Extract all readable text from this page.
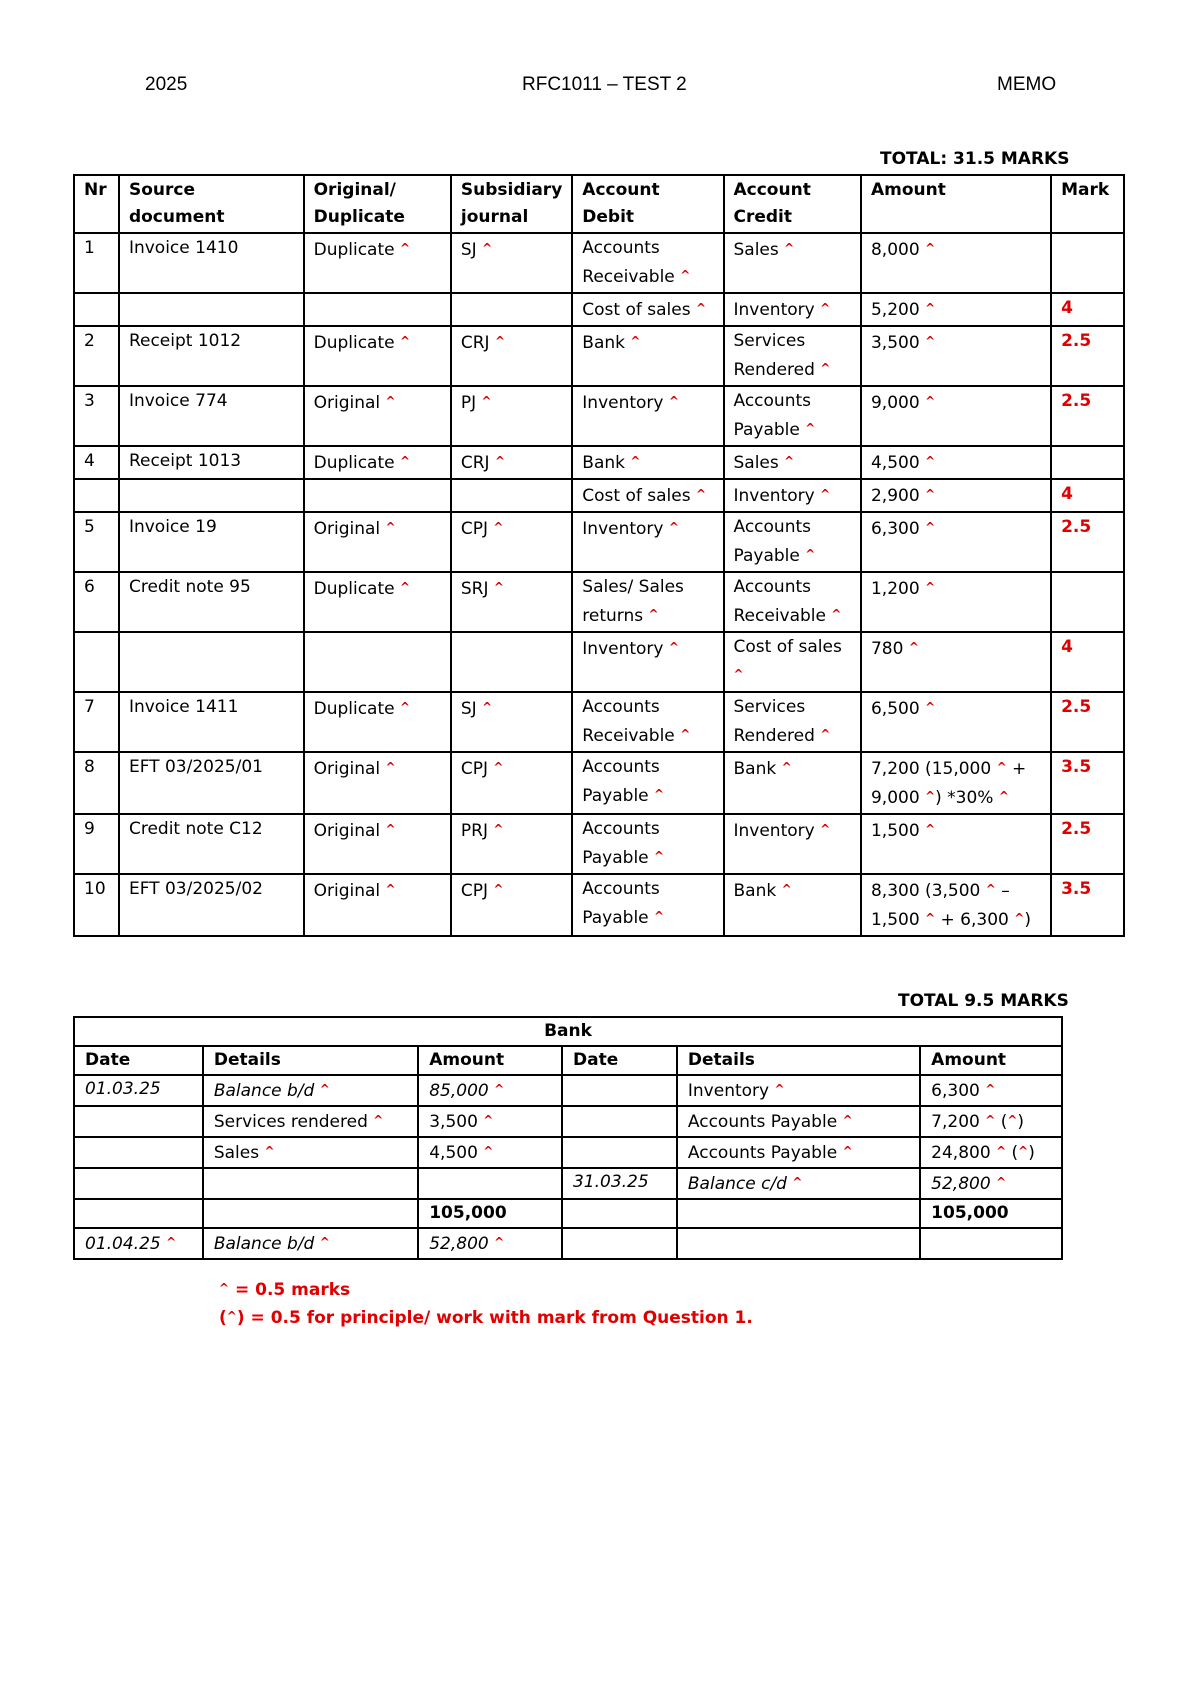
2025	RFC1011 – TEST 2	MEMO
TOTAL: 31.5 MARKS
Nr	Source document	Original/ Duplicate	Subsidiary journal	Account Debit	Account Credit	Amount	Mark
1	Invoice 1410	Duplicate ^	SJ ^	Accounts Receivable ^	Sales ^	8,000 ^	
				Cost of sales ^	Inventory ^	5,200 ^	4
2	Receipt 1012	Duplicate ^	CRJ ^	Bank ^	Services Rendered ^	3,500 ^	2.5
3	Invoice 774	Original ^	PJ ^	Inventory ^	Accounts Payable ^	9,000 ^	2.5
4	Receipt 1013	Duplicate ^	CRJ ^	Bank ^	Sales ^	4,500 ^	
				Cost of sales ^	Inventory ^	2,900 ^	4
5	Invoice 19	Original ^	CPJ ^	Inventory ^	Accounts Payable ^	6,300 ^	2.5
6	Credit note 95	Duplicate ^	SRJ ^	Sales/ Sales returns ^	Accounts Receivable ^	1,200 ^	
				Inventory ^	Cost of sales ^	780 ^	4
7	Invoice 1411	Duplicate ^	SJ ^	Accounts Receivable ^	Services Rendered ^	6,500 ^	2.5
8	EFT 03/2025/01	Original ^	CPJ ^	Accounts Payable ^	Bank ^	7,200 (15,000 ^ + 9,000 ^) *30% ^	3.5
9	Credit note C12	Original ^	PRJ ^	Accounts Payable ^	Inventory ^	1,500 ^	2.5
10	EFT 03/2025/02	Original ^	CPJ ^	Accounts Payable ^	Bank ^	8,300 (3,500 ^ – 1,500 ^ + 6,300 ^)	3.5
TOTAL 9.5 MARKS
Bank					
Date	Details	Amount	Date	Details	Amount
01.03.25	Balance b/d ^	85,000 ^		Inventory ^	6,300 ^
	Services rendered ^	3,500 ^		Accounts Payable ^	7,200 ^ (^)
	Sales ^	4,500 ^		Accounts Payable ^	24,800 ^ (^)
			31.03.25	Balance c/d ^	52,800 ^
		105,000			105,000
01.04.25 ^	Balance b/d ^	52,800 ^			
^ = 0.5 marks
(^) = 0.5 for principle/ work with mark from Question 1.
